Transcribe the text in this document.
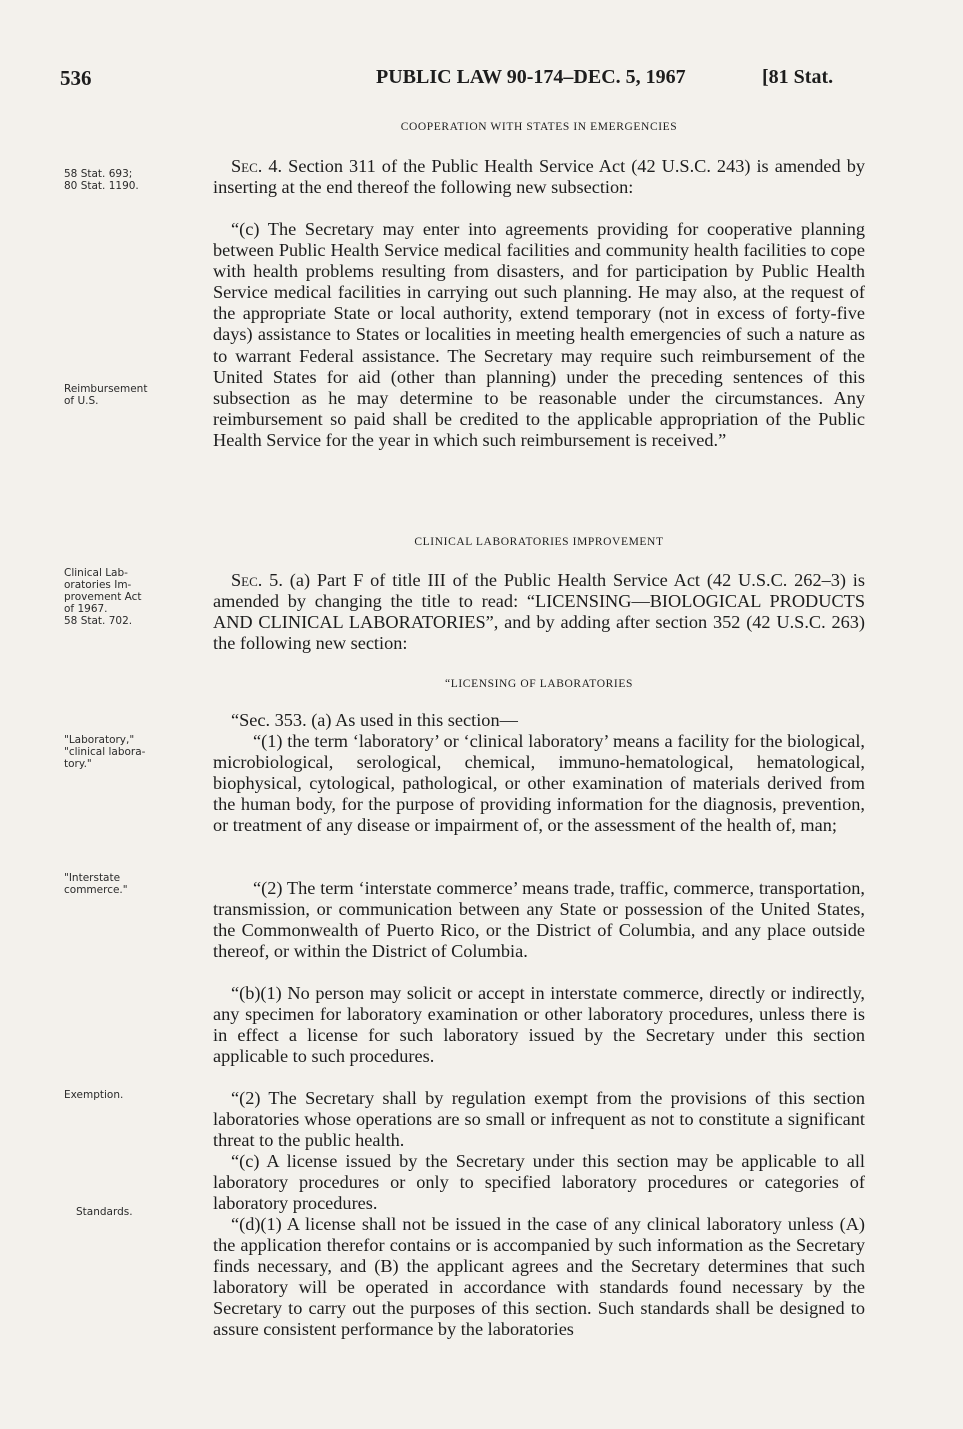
536	PUBLIC LAW 90-174–DEC. 5, 1967	[81 Stat.
58 Stat. 693;
80 Stat. 1190.
Reimbursement
of U.S.
Clinical Lab-
oratories Im-
provement Act
of 1967.
58 Stat. 702.
"Laboratory,"
"clinical labora-
tory."
"Interstate
commerce."
Exemption.
Standards.
COOPERATION WITH STATES IN EMERGENCIES
Sec. 4. Section 311 of the Public Health Service Act (42 U.S.C. 243) is amended by inserting at the end thereof the following new subsection:
“(c) The Secretary may enter into agreements providing for cooperative planning between Public Health Service medical facilities and community health facilities to cope with health problems resulting from disasters, and for participation by Public Health Service medical facilities in carrying out such planning. He may also, at the request of the appropriate State or local authority, extend temporary (not in excess of forty-five days) assistance to States or localities in meeting health emergencies of such a nature as to warrant Federal assistance. The Secretary may require such reimbursement of the United States for aid (other than planning) under the preceding sentences of this subsection as he may determine to be reasonable under the circumstances. Any reimbursement so paid shall be credited to the applicable appropriation of the Public Health Service for the year in which such reimbursement is received.”
CLINICAL LABORATORIES IMPROVEMENT
Sec. 5. (a) Part F of title III of the Public Health Service Act (42 U.S.C. 262–3) is amended by changing the title to read: “LICENSING—BIOLOGICAL PRODUCTS AND CLINICAL LABORATORIES”, and by adding after section 352 (42 U.S.C. 263) the following new section:
“LICENSING OF LABORATORIES
“Sec. 353. (a) As used in this section—
“(1) the term ‘laboratory’ or ‘clinical laboratory’ means a facility for the biological, microbiological, serological, chemical, immuno-hematological, hematological, biophysical, cytological, pathological, or other examination of materials derived from the human body, for the purpose of providing information for the diagnosis, prevention, or treatment of any disease or impairment of, or the assessment of the health of, man;
“(2) The term ‘interstate commerce’ means trade, traffic, commerce, transportation, transmission, or communication between any State or possession of the United States, the Commonwealth of Puerto Rico, or the District of Columbia, and any place outside thereof, or within the District of Columbia.
“(b)(1) No person may solicit or accept in interstate commerce, directly or indirectly, any specimen for laboratory examination or other laboratory procedures, unless there is in effect a license for such laboratory issued by the Secretary under this section applicable to such procedures.
“(2) The Secretary shall by regulation exempt from the provisions of this section laboratories whose operations are so small or infrequent as not to constitute a significant threat to the public health.
“(c) A license issued by the Secretary under this section may be applicable to all laboratory procedures or only to specified laboratory procedures or categories of laboratory procedures.
“(d)(1) A license shall not be issued in the case of any clinical laboratory unless (A) the application therefor contains or is accompanied by such information as the Secretary finds necessary, and (B) the applicant agrees and the Secretary determines that such laboratory will be operated in accordance with standards found necessary by the Secretary to carry out the purposes of this section. Such standards shall be designed to assure consistent performance by the laboratories
